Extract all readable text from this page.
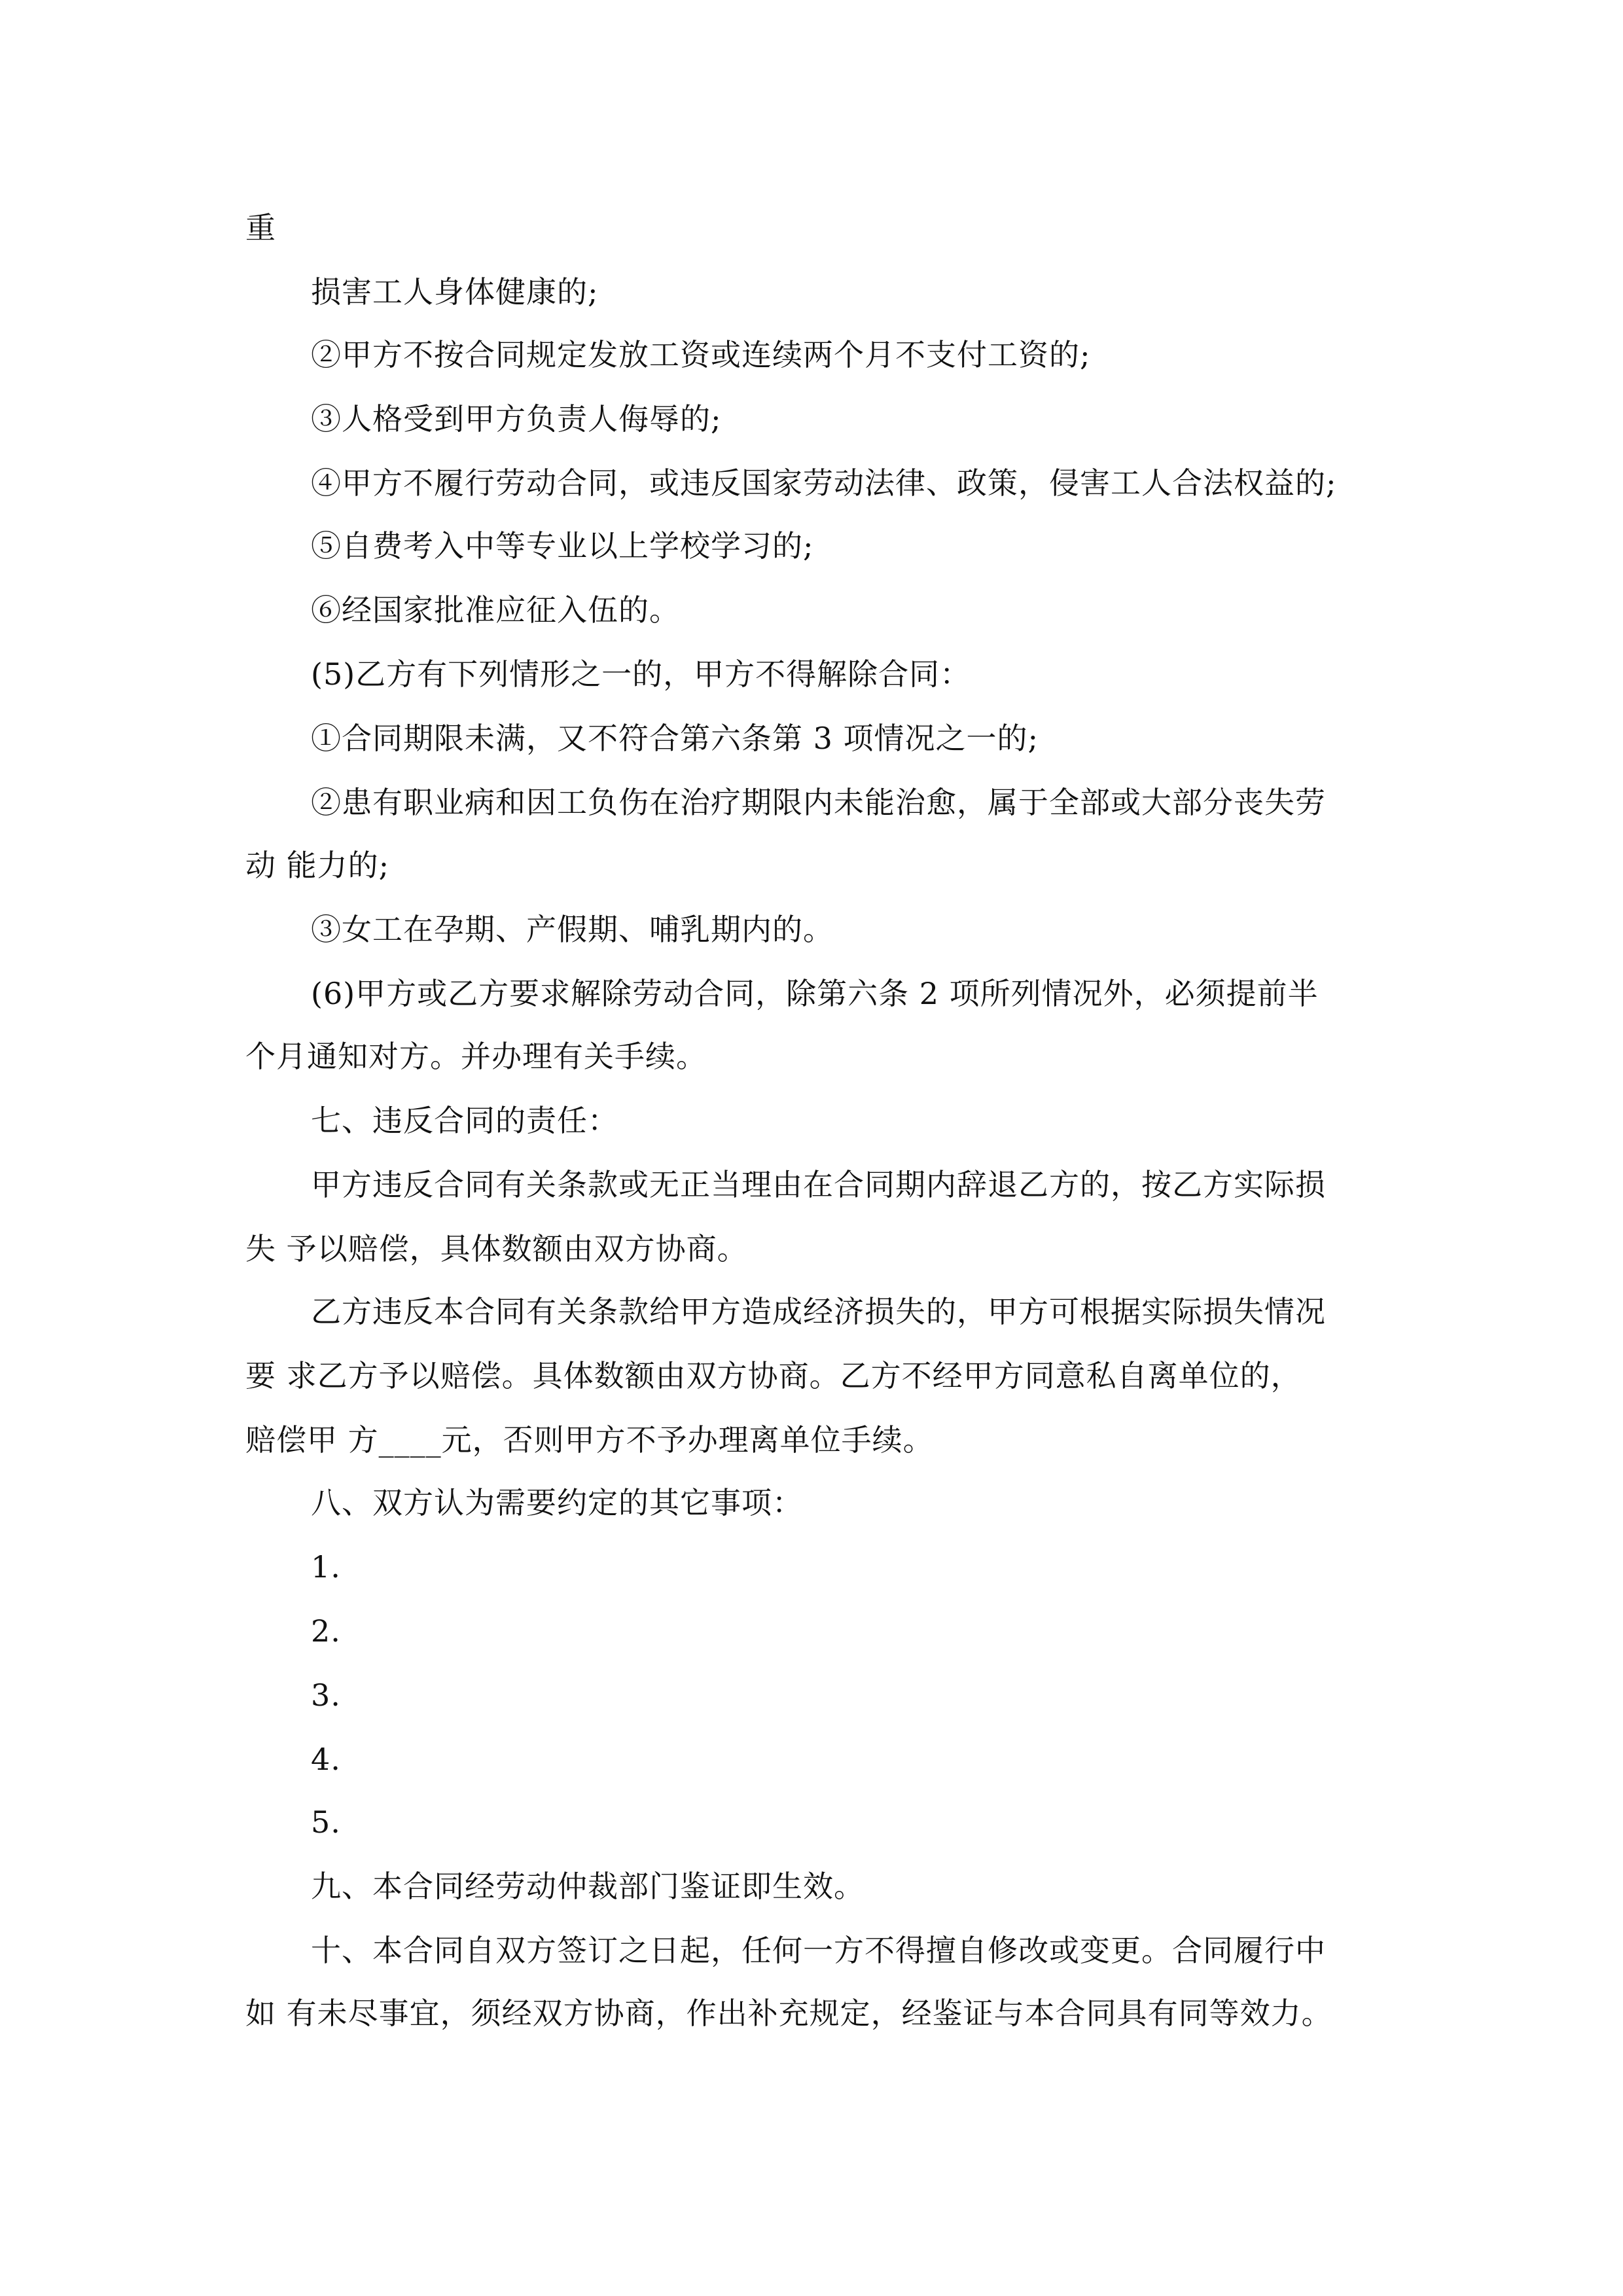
重
损害工人身体健康的;
②甲方不按合同规定发放工资或连续两个月不支付工资的;
③人格受到甲方负责人侮辱的;
④甲方不履行劳动合同，或违反国家劳动法律、政策，侵害工人合法权益的;
⑤自费考入中等专业以上学校学习的;
⑥经国家批准应征入伍的。
(5)乙方有下列情形之一的，甲方不得解除合同：
①合同期限未满，又不符合第六条第 3 项情况之一的;
②患有职业病和因工负伤在治疗期限内未能治愈，属于全部或大部分丧失劳
动 能力的;
③女工在孕期、产假期、哺乳期内的。
(6)甲方或乙方要求解除劳动合同，除第六条 2 项所列情况外，必须提前半
个月通知对方。并办理有关手续。
七、违反合同的责任：
甲方违反合同有关条款或无正当理由在合同期内辞退乙方的，按乙方实际损
失 予以赔偿，具体数额由双方协商。
乙方违反本合同有关条款给甲方造成经济损失的，甲方可根据实际损失情况
要 求乙方予以赔偿。具体数额由双方协商。乙方不经甲方同意私自离单位的，
赔偿甲 方____元，否则甲方不予办理离单位手续。
八、双方认为需要约定的其它事项：
1.
2.
3.
4.
5.
九、本合同经劳动仲裁部门鉴证即生效。
十、本合同自双方签订之日起，任何一方不得擅自修改或变更。合同履行中
如 有未尽事宜，须经双方协商，作出补充规定，经鉴证与本合同具有同等效力。
